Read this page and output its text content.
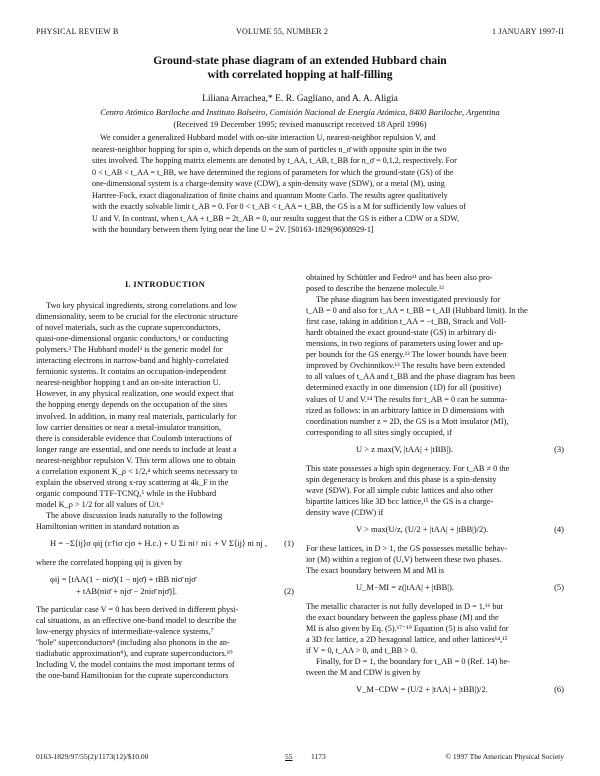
PHYSICAL REVIEW B	VOLUME 55, NUMBER 2	1 JANUARY 1997-II
Ground-state phase diagram of an extended Hubbard chain
with correlated hopping at half-filling
Liliana Arrachea,* E. R. Gagliano, and A. A. Aligia
Centro Atómico Bariloche and Instituto Balseiro, Comisión Nacional de Energía Atómica, 8400 Bariloche, Argentina
(Received 19 December 1995; revised manuscript received 18 April 1996)
We consider a generalized Hubbard model with on-site interaction U, nearest-neighbor repulsion V, and
nearest-neighbor hopping for spin σ, which depends on the sum of particles n_σ̄ with opposite spin in the two
sites involved. The hopping matrix elements are denoted by t_AA, t_AB, t_BB for n_σ̄ = 0,1,2, respectively. For
0 < t_AB < t_AA = t_BB, we have determined the regions of parameters for which the ground-state (GS) of the
one-dimensional system is a charge-density wave (CDW), a spin-density wave (SDW), or a metal (M), using
Hartree-Fock, exact diagonalization of finite chains and quantum Monte Carlo. The results agree qualitatively
with the exactly solvable limit t_AB = 0. For 0 < t_AB < t_AA = t_BB, the GS is a M for sufficiently low values of
U and V. In contrast, when t_AA + t_BB = 2t_AB = 0, our results suggest that the GS is either a CDW or a SDW,
with the boundary between them lying near the line U = 2V. [S0163-1829(96)08929-1]
I. INTRODUCTION
Two key physical ingredients, strong correlations and low
dimensionality, seem to be crucial for the electronic structure
of novel materials, such as the cuprate superconductors,
quasi-one-dimensional organic conductors,¹ or conducting
polymers.² The Hubbard model³ is the generic model for
interacting electrons in narrow-band and highly-correlated
fermionic systems. It contains an occupation-independent
nearest-neighbor hopping t and an on-site interaction U.
However, in any physical realization, one would expect that
the hopping energy depends on the occupation of the sites
involved. In addition, in many real materials, particularly for
low carrier densities or near a metal-insulator transition,
there is considerable evidence that Coulomb interactions of
longer range are essential, and one needs to include at least a
nearest-neighbor repulsion V. This term allows one to obtain
a correlation exponent K_ρ < 1/2,⁴ which seems necessary to
explain the observed strong x-ray scattering at 4k_F in the
organic compound TTF-TCNQ,⁵ while in the Hubbard
model K_ρ > 1/2 for all values of U/t.⁶
The above discussion leads naturally to the following
Hamiltonian written in standard notation as
H = −Σ⟨ij⟩σ φij (c†iσ cjσ + H.c.) + U Σi ni↑ ni↓ + V Σ⟨ij⟩ ni nj , (1)
where the correlated hopping φij is given by
φij = [tAA(1 − niσ̄)(1 − njσ̄) + tBB niσ̄ njσ̄
+ tAB(niσ̄ + njσ̄ − 2niσ̄ njσ̄)].	(2)
The particular case V = 0 has been derived in different physi-
cal situations, as an effective one-band model to describe the
low-energy physics of intermediate-valence systems,⁷
''hole'' superconductors⁸ (including also phonons in the an-
tiadiabatic approximation⁹), and cuprate superconductors.¹⁰
Including V, the model contains the most important terms of
the one-band Hamiltonian for the cuprate superconductors
obtained by Schüttler and Fedro¹¹ and has been also pro-
posed to describe the benzene molecule.¹²
The phase diagram has been investigated previously for
t_AB = 0 and also for t_AA = t_BB = t_AB (Hubbard limit). In the
first case, taking in addition t_AA = −t_BB, Strack and Voll-
hardt obtained the exact ground-state (GS) in arbitrary di-
mensions, in two regions of parameters using lower and up-
per bounds for the GS energy.¹² The lower bounds have been
improved by Ovchinnikov.¹³ The results have been extended
to all values of t_AA and t_BB and the phase diagram has been
determined exactly in one dimension (1D) for all (positive)
values of U and V.¹⁴ The results for t_AB = 0 can be summa-
rized as follows: in an arbitrary lattice in D dimensions with
coordination number z = 2D, the GS is a Mott insulator (MI),
corresponding to all sites singly occupied, if
U > z max(V, |tAA| + |tBB|).	(3)
This state possesses a high spin degeneracy. For t_AB ≠ 0 the
spin degeneracy is broken and this phase is a spin-density
wave (SDW). For all simple cubic lattices and also other
bipartite lattices like 3D bcc lattice,¹⁵ the GS is a charge-
density wave (CDW) if
V > max(U/z, (U/2 + |tAA| + |tBB|)/2).	(4)
For these lattices, in D > 1, the GS possesses metallic behav-
ior (M) within a region of (U,V) between these two phases.
The exact boundary between M and MI is
U_M−MI = z(|tAA| + |tBB|).	(5)
The metallic character is not fully developed in D = 1,¹⁶ but
the exact boundary between the gapless phase (M) and the
MI is also given by Eq. (5).¹⁷⁻¹⁹ Equation (5) is also valid for
a 3D fcc lattice, a 2D hexagonal lattice, and other lattices¹⁴,¹⁵
if V = 0, t_AA > 0, and t_BB > 0.
Finally, for D = 1, the boundary for t_AB = 0 (Ref. 14) be-
tween the M and CDW is given by
V_M−CDW = (U/2 + |tAA| + |tBB|)/2.	(6)
0163-1829/97/55(2)/1173(12)/$10.00	55 1173	© 1997 The American Physical Society
